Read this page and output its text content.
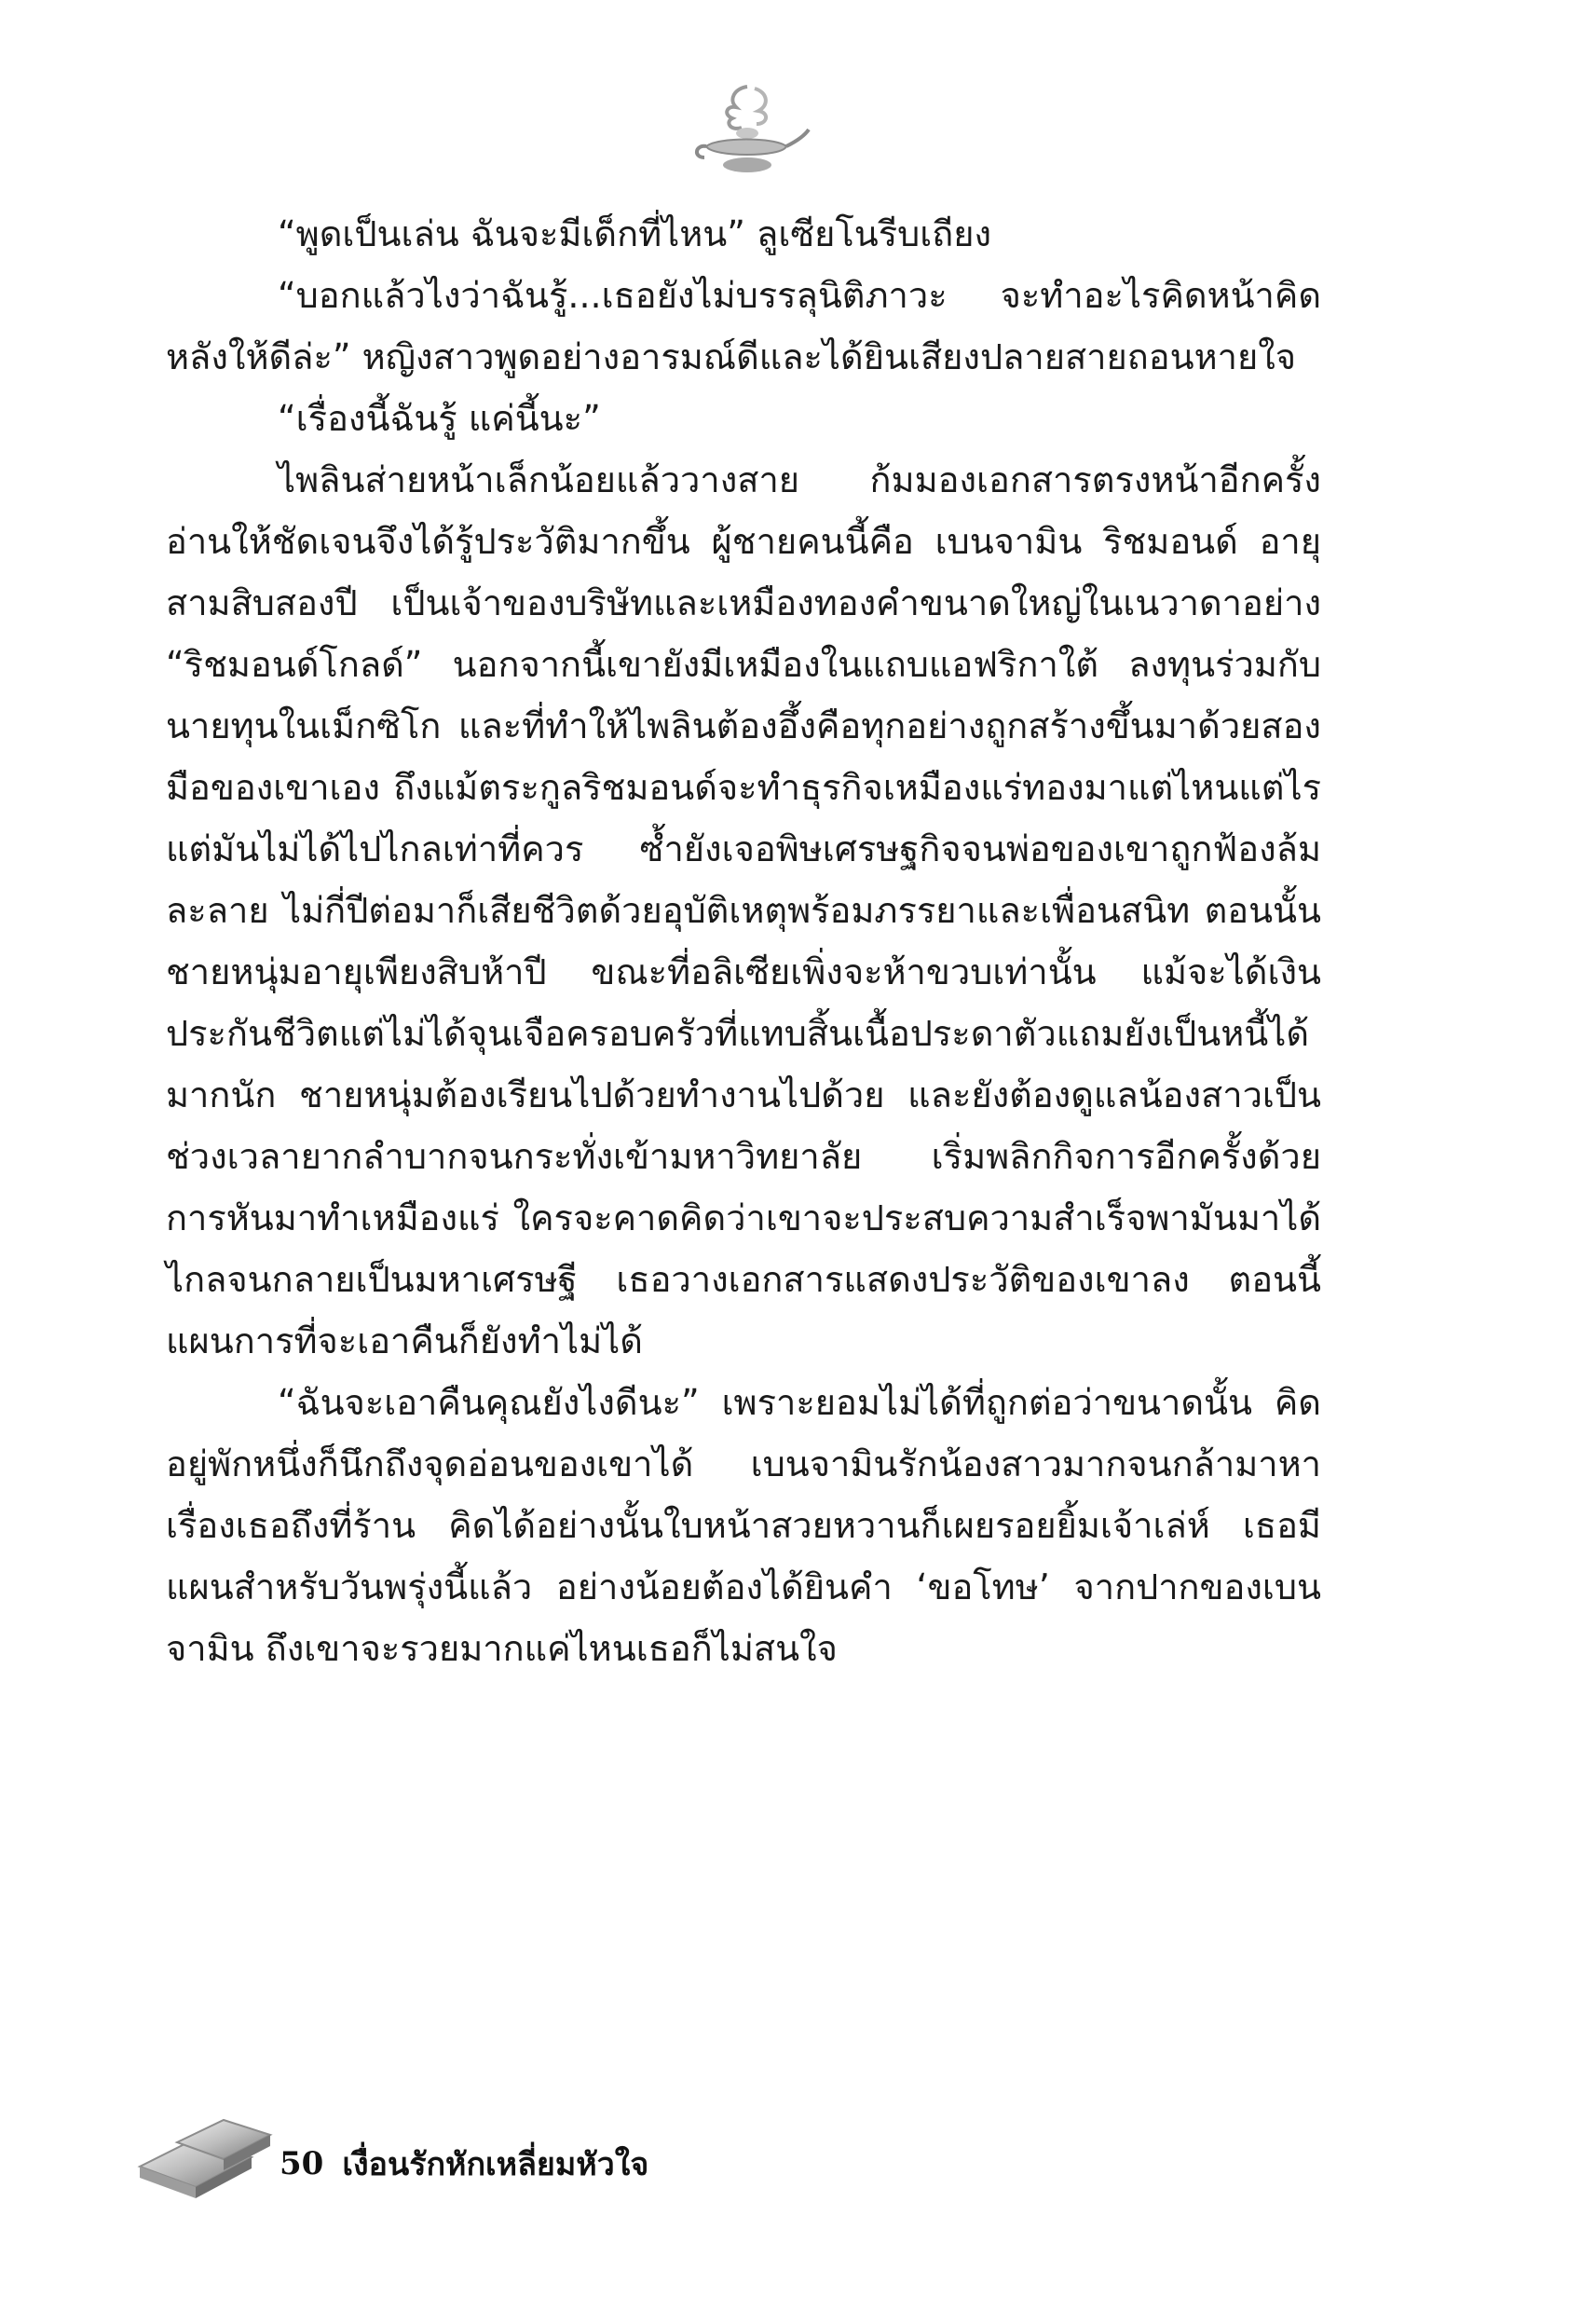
“พูดเป็นเล่น ฉันจะมีเด็กที่ไหน” ลูเซียโนรีบเถียง

“บอกแล้วไงว่าฉันรู้...เธอยังไม่บรรลุนิติภาวะ จะทำอะไรคิดหน้าคิดหลังให้ดีล่ะ” หญิงสาวพูดอย่างอารมณ์ดีและได้ยินเสียงปลายสายถอนหายใจ

“เรื่องนี้ฉันรู้ แค่นี้นะ”

ไพลินส่ายหน้าเล็กน้อยแล้ววางสาย ก้มมองเอกสารตรงหน้าอีกครั้ง อ่านให้ชัดเจนจึงได้รู้ประวัติมากขึ้น ผู้ชายคนนี้คือ เบนจามิน ริชมอนด์ อายุสามสิบสองปี เป็นเจ้าของบริษัทและเหมืองทองคำขนาดใหญ่ในเนวาดาอย่าง “ริชมอนด์โกลด์” นอกจากนี้เขายังมีเหมืองในแถบแอฟริกาใต้ ลงทุนร่วมกับนายทุนในเม็กซิโก และที่ทำให้ไพลินต้องอึ้งคือทุกอย่างถูกสร้างขึ้นมาด้วยสองมือของเขาเอง ถึงแม้ตระกูลริชมอนด์จะทำธุรกิจเหมืองแร่ทองมาแต่ไหนแต่ไร แต่มันไม่ได้ไปไกลเท่าที่ควร ซ้ำยังเจอพิษเศรษฐกิจจนพ่อของเขาถูกฟ้องล้มละลาย ไม่กี่ปีต่อมาก็เสียชีวิตด้วยอุบัติเหตุพร้อมภรรยาและเพื่อนสนิท ตอนนั้นชายหนุ่มอายุเพียงสิบห้าปี ขณะที่อลิเซียเพิ่งจะห้าขวบเท่านั้น แม้จะได้เงินประกันชีวิตแต่ไม่ได้จุนเจือครอบครัวที่แทบสิ้นเนื้อประดาตัวแถมยังเป็นหนี้ได้มากนัก ชายหนุ่มต้องเรียนไปด้วยทำงานไปด้วย และยังต้องดูแลน้องสาวเป็นช่วงเวลายากลำบากจนกระทั่งเข้ามหาวิทยาลัย เริ่มพลิกกิจการอีกครั้งด้วยการหันมาทำเหมืองแร่ ใครจะคาดคิดว่าเขาจะประสบความสำเร็จพามันมาได้ไกลจนกลายเป็นมหาเศรษฐี เธอวางเอกสารแสดงประวัติของเขาลง ตอนนี้แผนการที่จะเอาคืนก็ยังทำไม่ได้

“ฉันจะเอาคืนคุณยังไงดีนะ” เพราะยอมไม่ได้ที่ถูกต่อว่าขนาดนั้น คิดอยู่พักหนึ่งก็นึกถึงจุดอ่อนของเขาได้ เบนจามินรักน้องสาวมากจนกล้ามาหาเรื่องเธอถึงที่ร้าน คิดได้อย่างนั้นใบหน้าสวยหวานก็เผยรอยยิ้มเจ้าเล่ห์ เธอมีแผนสำหรับวันพรุ่งนี้แล้ว อย่างน้อยต้องได้ยินคำ ‘ขอโทษ’ จากปากของเบนจามิน ถึงเขาจะรวยมากแค่ไหนเธอก็ไม่สนใจ

50 เงื่อนรักหักเหลี่ยมหัวใจ
